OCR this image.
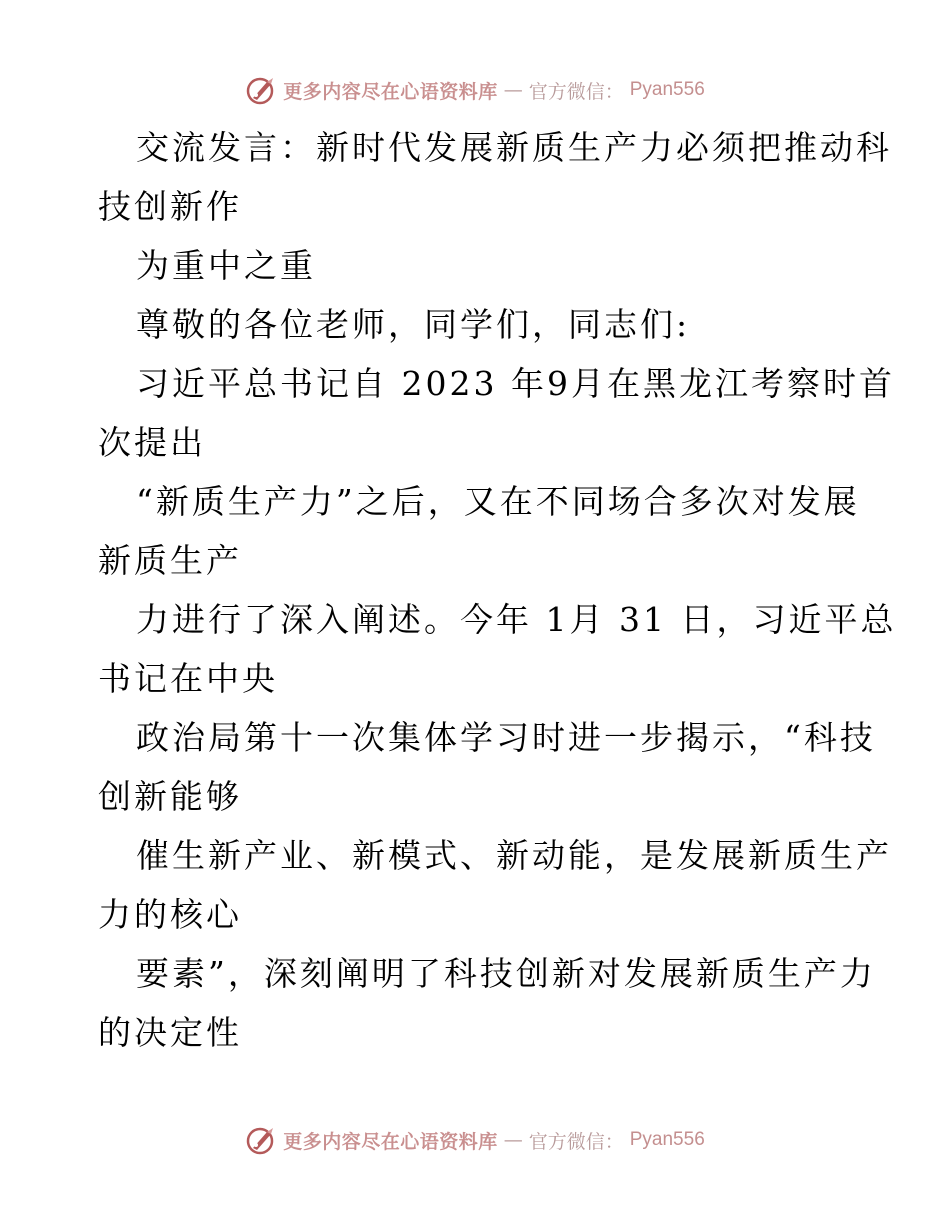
更多内容尽在心语资料库 — 官方微信： Pyan556
交流发言：新时代发展新质生产力必须把推动科
技创新作
为重中之重
尊敬的各位老师，同学们，同志们:
习近平总书记自 2023 年9月在黑龙江考察时首
次提出
“新质生产力”之后，又在不同场合多次对发展
新质生产
力进行了深入阐述。今年 1月 31 日，习近平总
书记在中央
政治局第十一次集体学习时进一步揭示，“科技
创新能够
催生新产业、新模式、新动能，是发展新质生产
力的核心
要素”，深刻阐明了科技创新对发展新质生产力
的决定性
更多内容尽在心语资料库 — 官方微信： Pyan556
